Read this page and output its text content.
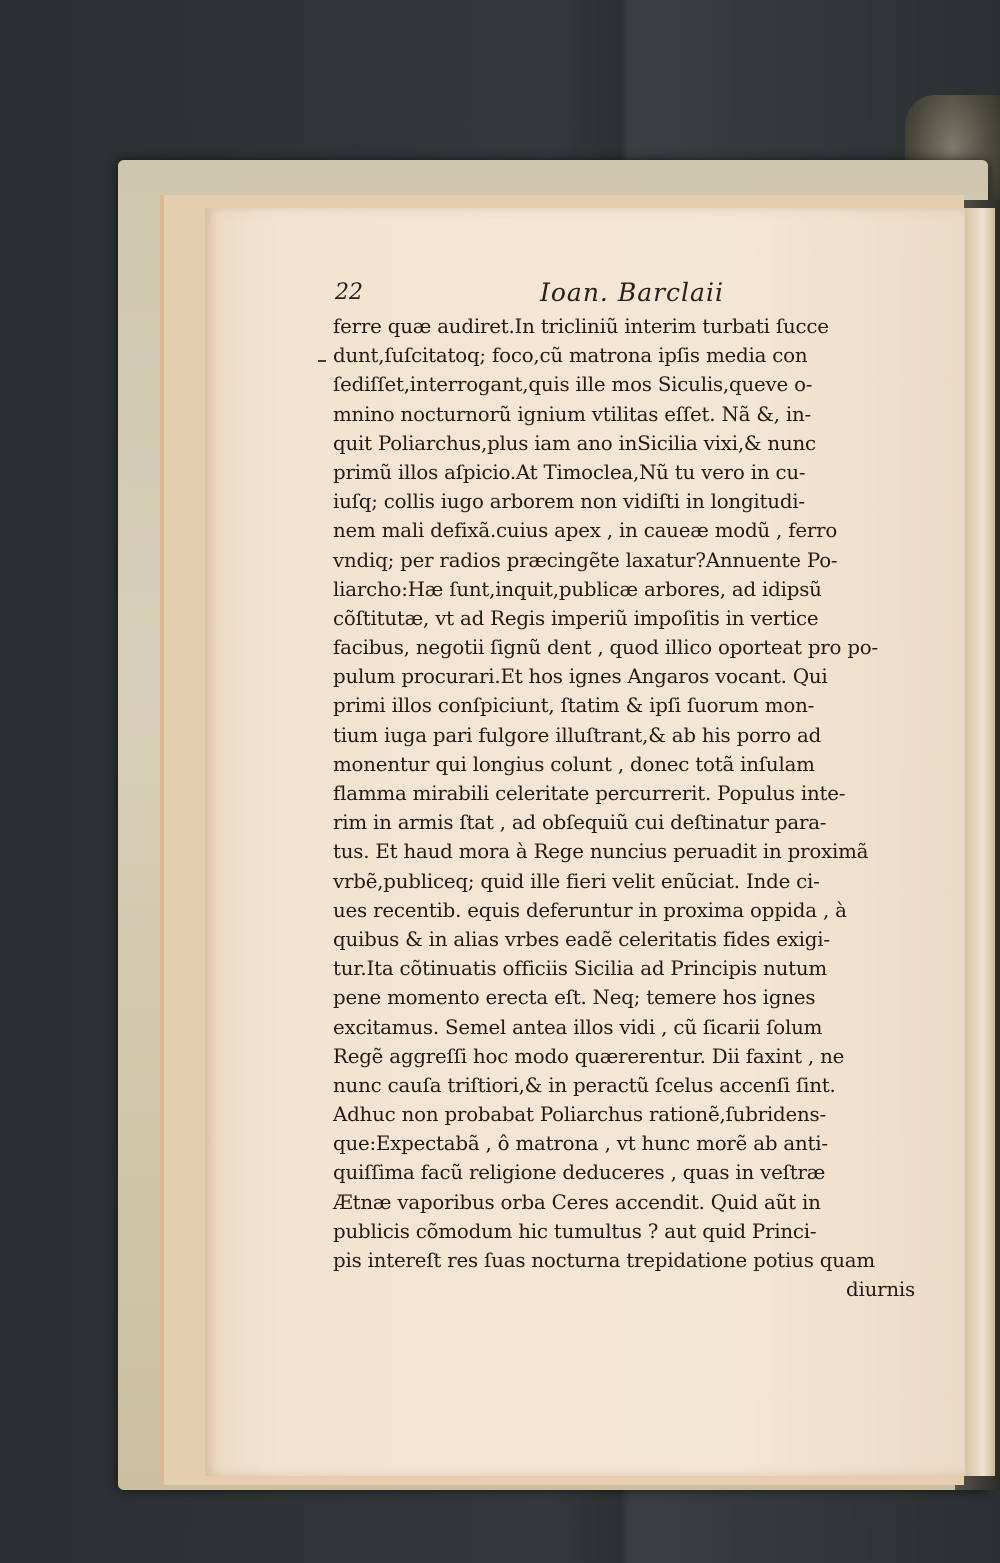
22	Ioan. Barclaii
ferre quæ audiret.In tricliniũ interim turbati ſucce
dunt,ſuſcitatoq; foco,cũ matrona ipſis media con
ſediſſet,interrogant,quis ille mos Siculis,queve o-
mnino nocturnorũ ignium vtilitas eſſet. Nã &, in-
quit Poliarchus,plus iam ano inSicilia vixi,& nunc
primũ illos aſpicio.At Timoclea,Nũ tu vero in cu-
iuſq; collis iugo arborem non vidiſti in longitudi-
nem mali defixã.cuius apex , in caueæ modũ , ferro
vndiq; per radios præcingẽte laxatur?Annuente Po-
liarcho:Hæ ſunt,inquit,publicæ arbores, ad idipsũ
cõſtitutæ, vt ad Regis imperiũ impoſitis in vertice
facibus, negotii ſignũ dent , quod illico oporteat pro po-
pulum procurari.Et hos ignes Angaros vocant. Qui
primi illos conſpiciunt, ſtatim & ipſi ſuorum mon-
tium iuga pari fulgore illuſtrant,& ab his porro ad
monentur qui longius colunt , donec totã inſulam
flamma mirabili celeritate percurrerit. Populus inte-
rim in armis ſtat , ad obſequiũ cui deſtinatur para-
tus. Et haud mora à Rege nuncius peruadit in proximã
vrbẽ,publiceq; quid ille fieri velit enũciat. Inde ci-
ues recentib. equis deferuntur in proxima oppida , à
quibus & in alias vrbes eadẽ celeritatis fides exigi-
tur.Ita cõtinuatis officiis Sicilia ad Principis nutum
pene momento erecta eſt. Neq; temere hos ignes
excitamus. Semel antea illos vidi , cũ ſicarii ſolum
Regẽ aggreſſi hoc modo quærerentur. Dii faxint , ne
nunc cauſa triſtiori,& in peractũ ſcelus accenſi ſint.
Adhuc non probabat Poliarchus rationẽ,ſubridens-
que:Expectabã , ô matrona , vt hunc morẽ ab anti-
quiſſima facũ religione deduceres , quas in veſtræ
Ætnæ vaporibus orba Ceres accendit. Quid aũt in
publicis cõmodum hic tumultus ? aut quid Princi-
pis intereſt res ſuas nocturna trepidatione potius quam
diurnis
